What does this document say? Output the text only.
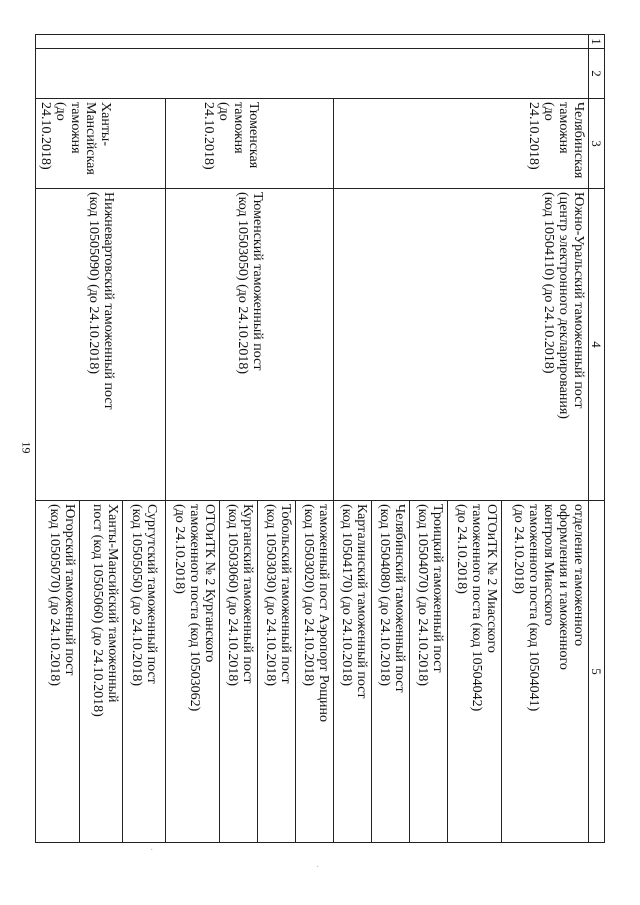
19
·
·
1	2	3	4	5
		Челябинская
таможня
(до 24.10.2018)	Южно-Уральский таможенный пост
(центр электронного декларирования)
(код 10504110) (до 24.10.2018)	отделение таможенного
оформления и таможенного
контроля Миасского
таможенного поста (код 10504041)
(до 24.10.2018)
				ОТОиТК № 2 Миасского
таможенного поста (код 10504042)
(до 24.10.2018)
				Троицкий таможенный пост
(код 10504070) (до 24.10.2018)
				Челябинский таможенный пост
(код 10504080) (до 24.10.2018)
				Карталинский таможенный пост
(код 10504170) (до 24.10.2018)
		Тюменская
таможня
(до 24.10.2018)	Тюменский таможенный пост
(код 10503050) (до 24.10.2018)	таможенный пост Аэропорт Рощино
(код 10503020) (до 24.10.2018)
				Тобольский таможенный пост
(код 10503030) (до 24.10.2018)
				Курганский таможенный пост
(код 10503060) (до 24.10.2018)
				ОТОиТК № 2 Курганского
таможенного поста (код 10503062)
(до 24.10.2018)
		Ханты-
Мансийская
таможня
(до 24.10.2018)	Нижневартовский таможенный пост
(код 10505090) (до 24.10.2018)	Сургутский таможенный пост
(код 10505050) (до 24.10.2018)
				Ханты-Мансийский таможенный
пост (код 10505060) (до 24.10.2018)
				Югорский таможенный пост
(код 10505070) (до 24.10.2018)
